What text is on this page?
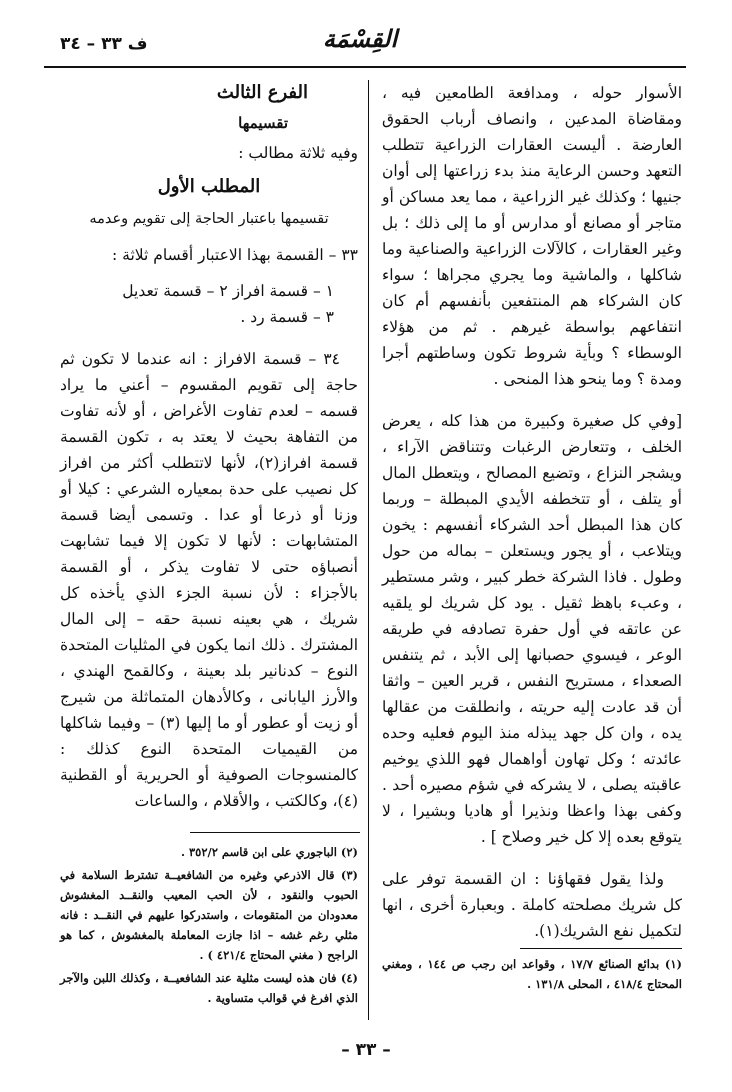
ف ٣٣ – ٣٤	القِسْمَة

الأسوار حوله ، ومدافعة الطامعين فيه ، ومقاضاة المدعين ، وانصاف أرباب الحقوق العارضة . أليست العقارات الزراعية تتطلب التعهد وحسن الرعاية منذ بدء زراعتها إلى أوان جنيها ؛ وكذلك غير الزراعية ، مما يعد مساكن أو متاجر أو مصانع أو مدارس أو ما إلى ذلك ؛ بل وغير العقارات ، كالآلات الزراعية والصناعية وما شاكلها ، والماشية وما يجري مجراها ؛ سواء كان الشركاء هم المنتفعين بأنفسهم أم كان انتفاعهم بواسطة غيرهم . ثم من هؤلاء الوسطاء ؟ وبأية شروط تكون وساطتهم أجرا ومدة ؟ وما ينحو هذا المنحى .

[وفي كل صغيرة وكبيرة من هذا كله ، يعرض الخلف ، وتتعارض الرغبات وتتناقض الآراء ، ويشجر النزاع ، وتضيع المصالح ، ويتعطل المال أو يتلف ، أو تتخطفه الأيدي المبطلة – وربما كان هذا المبطل أحد الشركاء أنفسهم : يخون ويتلاعب ، أو يجور ويستعلن – بماله من حول وطول . فاذا الشركة خطر كبير ، وشر مستطير ، وعبء باهظ ثقيل . يود كل شريك لو يلقيه عن عاتقه في أول حفرة تصادفه في طريقه الوعر ، فيسوي حصبانها إلى الأبد ، ثم يتنفس الصعداء ، مستريح النفس ، قرير العين – واثقا أن قد عادت إليه حريته ، وانطلقت من عقالها يده ، وان كل جهد يبذله منذ اليوم فعليه وحده عائدته ؛ وكل تهاون أواهمال فهو اللذي يوخيم عاقبته يصلى ، لا يشركه في شؤم مصيره أحد . وكفى بهذا واعظا ونذيرا أو هاديا وبشيرا ، لا يتوقع بعده إلا كل خير وصلاح ] .

ولذا يقول فقهاؤنا : ان القسمة توفر على كل شريك مصلحته كاملة . وبعبارة أخرى ، انها لتكميل نفع الشريك(١).

الفرع الثالث
تقسيمها
وفيه ثلاثة مطالب :
المطلب الأول
تقسيمها باعتبار الحاجة إلى تقويم وعدمه

٣٣ – القسمة بهذا الاعتبار أقسام ثلاثة :

١ – قسمة افراز ٢ – قسمة تعديل
٣ – قسمة رد .

٣٤ – قسمة الافراز : انه عندما لا تكون ثم حاجة إلى تقويم المقسوم – أعني ما يراد قسمه – لعدم تفاوت الأغراض ، أو لأنه تفاوت من التفاهة بحيث لا يعتد به ، تكون القسمة قسمة افراز(٢)، لأنها لاتتطلب أكثر من افراز كل نصيب على حدة بمعياره الشرعي : كيلا أو وزنا أو ذرعا أو عدا . وتسمى أيضا قسمة المتشابهات : لأنها لا تكون إلا فيما تشابهت أنصباؤه حتى لا تفاوت يذكر ، أو القسمة بالأجزاء : لأن نسبة الجزء الذي يأخذه كل شريك ، هي بعينه نسبة حقه – إلى المال المشترك . ذلك انما يكون في المثليات المتحدة النوع – كدنانير بلد بعينة ، وكالقمح الهندي ، والأرز اليابانى ، وكالأدهان المتماثلة من شيرج أو زيت أو عطور أو ما إليها (٣) – وفيما شاكلها من القيميات المتحدة النوع كذلك : كالمنسوجات الصوفية أو الحريرية أو القطنية (٤)، وكالكتب ، والأقلام ، والساعات

(٢) الباجوري على ابن قاسم ٣٥٢/٢ .

(٣) قال الاذرعي وغيره من الشافعيــة تشترط السلامة في الحبوب والنقود ، لأن الحب المعيب والنقــد المغشوش معدودان من المتقومات ، واستدركوا عليهم في النقــد : فانه مثلي رغم غشه – اذا جازت المعاملة بالمغشوش ، كما هو الراجح ( مغني المحتاج ٤٢١/٤ ) .

(٤) فان هذه ليست مثلية عند الشافعيــة ، وكذلك اللبن والآجر الذي افرغ في قوالب متساوية .

(١) بدائع الصنائع ١٧/٧ ، وقواعد ابن رجب ص ١٤٤ ، ومغني المحتاج ٤١٨/٤ ، المحلى ١٣١/٨ .

– ٣٣ –
